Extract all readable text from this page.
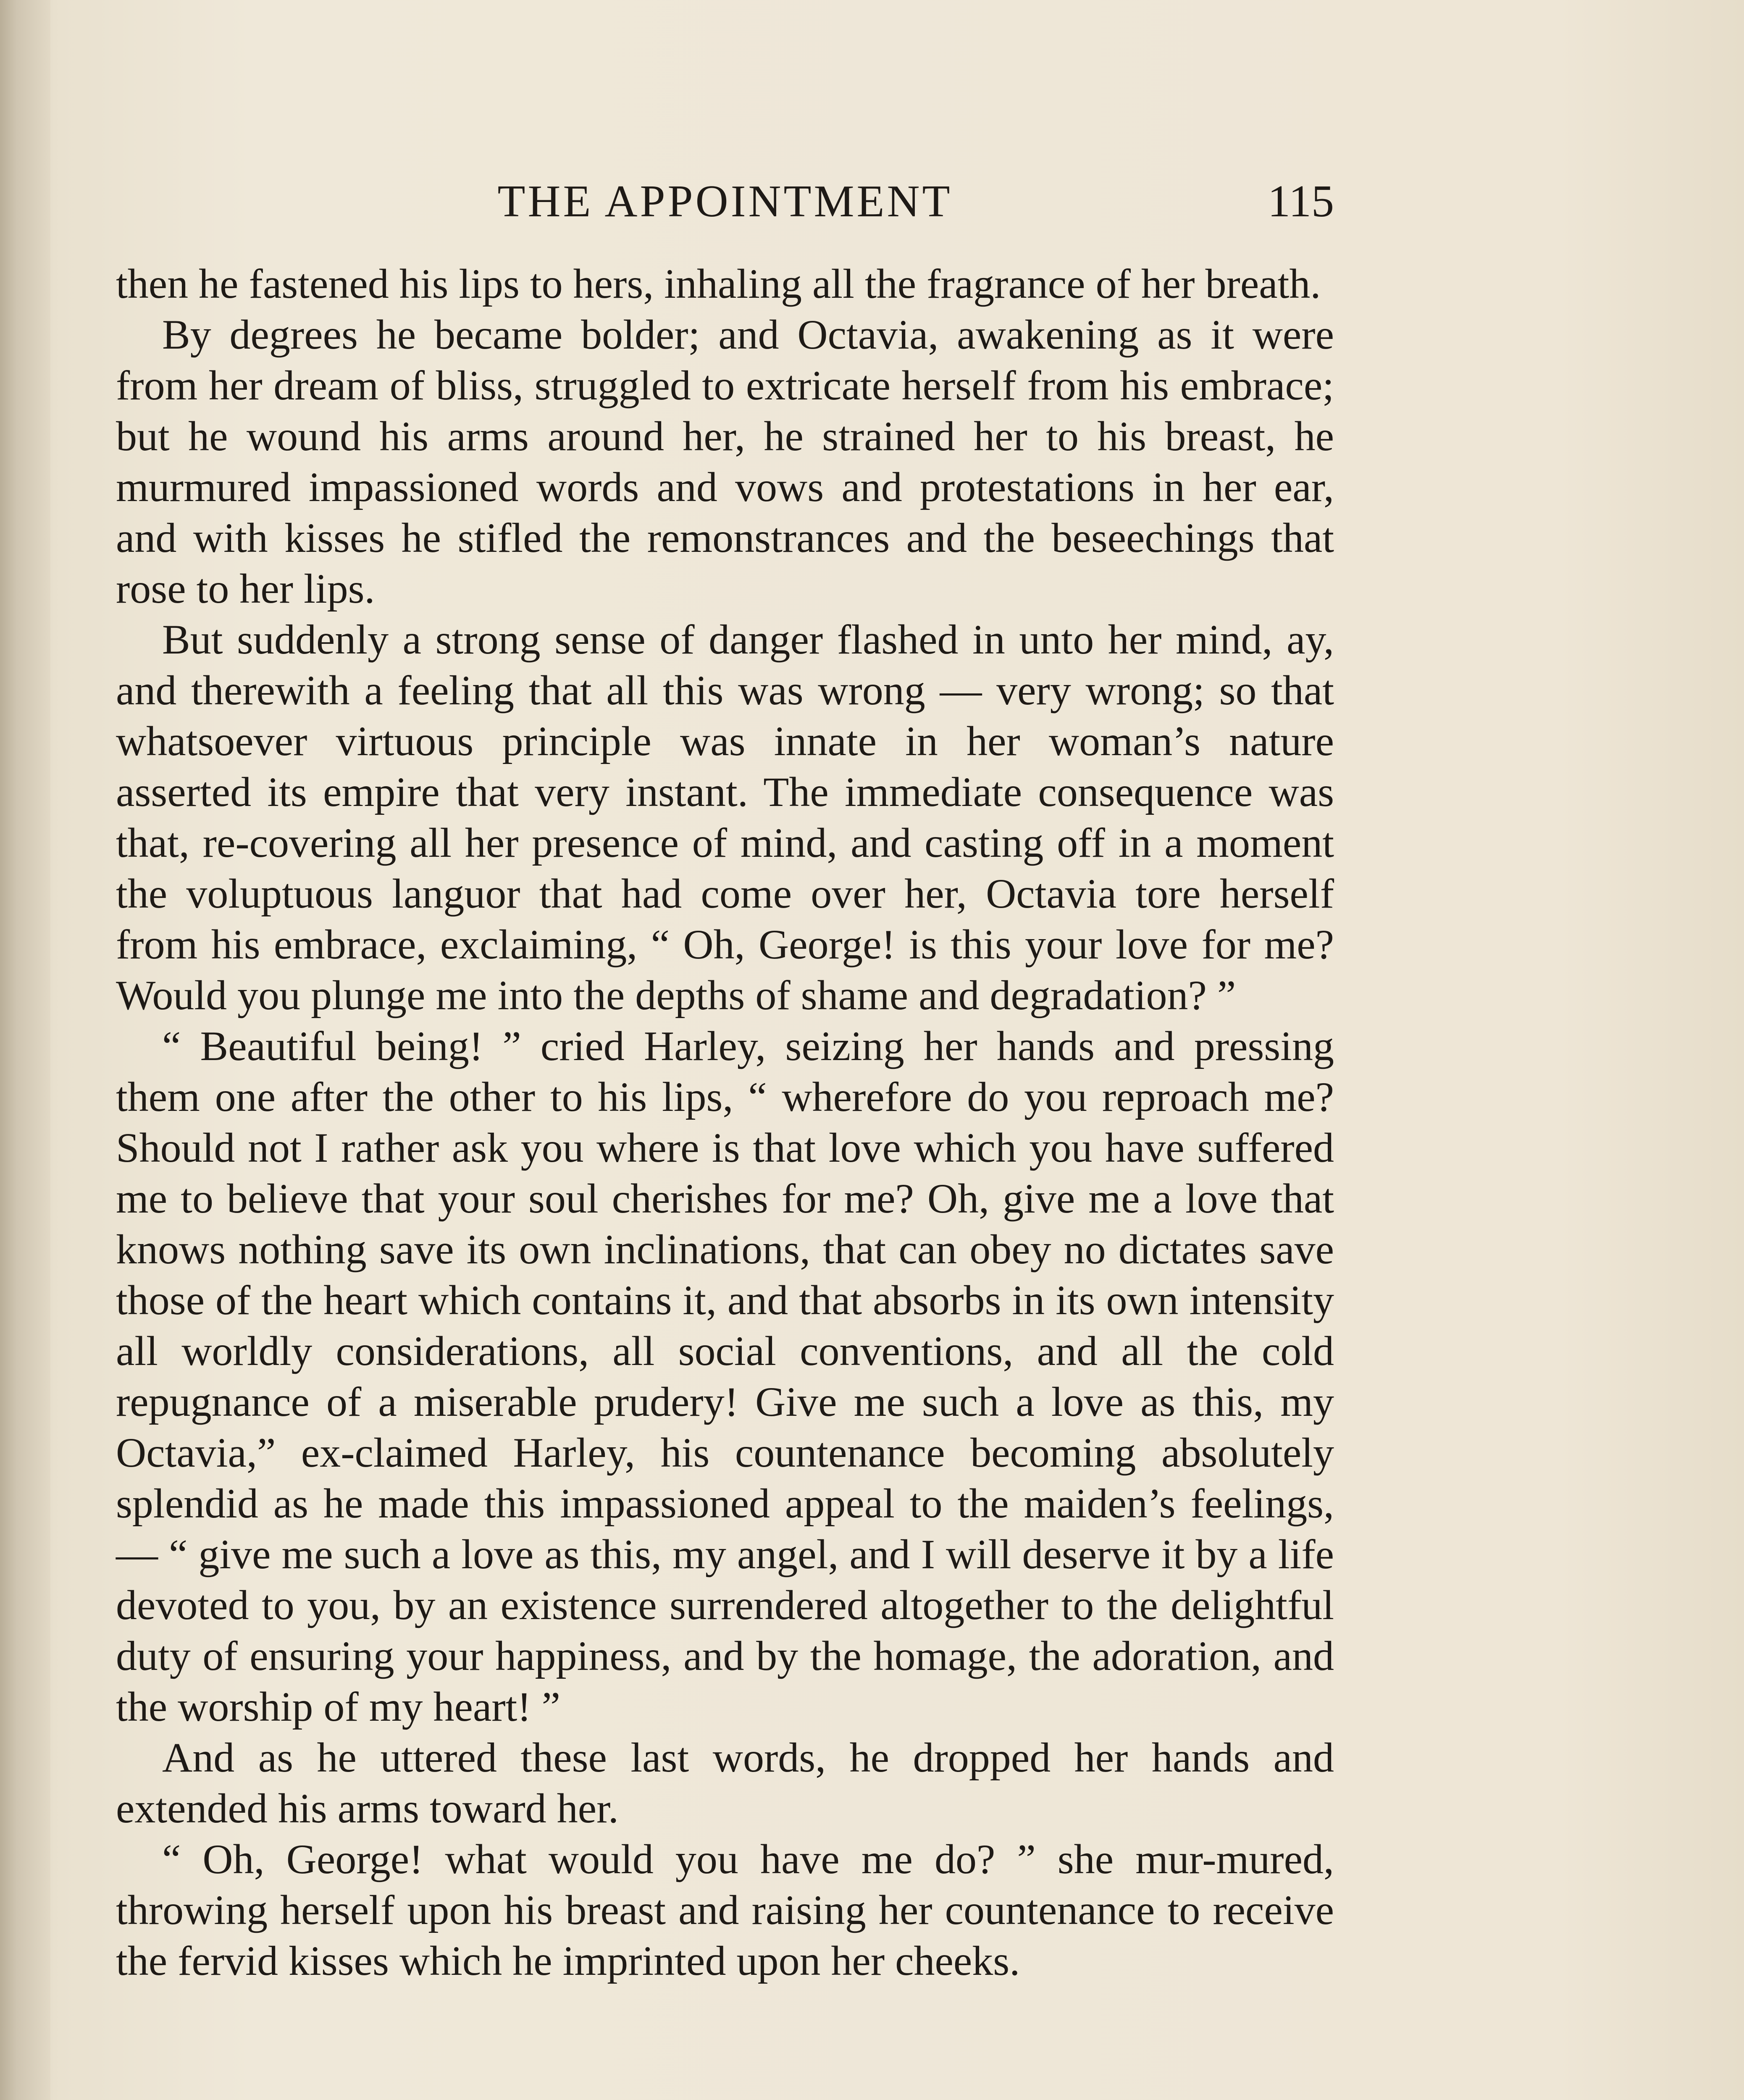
THE APPOINTMENT	115

then he fastened his lips to hers, inhaling all the fragrance of her breath.

By degrees he became bolder; and Octavia, awakening as it were from her dream of bliss, struggled to extricate herself from his embrace; but he wound his arms around her, he strained her to his breast, he murmured impassioned words and vows and protestations in her ear, and with kisses he stifled the remonstrances and the beseechings that rose to her lips.

But suddenly a strong sense of danger flashed in unto her mind, ay, and therewith a feeling that all this was wrong — very wrong; so that whatsoever virtuous principle was innate in her woman’s nature asserted its empire that very instant. The immediate consequence was that, re-covering all her presence of mind, and casting off in a moment the voluptuous languor that had come over her, Octavia tore herself from his embrace, exclaiming, “ Oh, George! is this your love for me? Would you plunge me into the depths of shame and degradation? ”

“ Beautiful being! ” cried Harley, seizing her hands and pressing them one after the other to his lips, “ wherefore do you reproach me? Should not I rather ask you where is that love which you have suffered me to believe that your soul cherishes for me? Oh, give me a love that knows nothing save its own inclinations, that can obey no dictates save those of the heart which contains it, and that absorbs in its own intensity all worldly considerations, all social conventions, and all the cold repugnance of a miserable prudery! Give me such a love as this, my Octavia,” ex-claimed Harley, his countenance becoming absolutely splendid as he made this impassioned appeal to the maiden’s feelings, — “ give me such a love as this, my angel, and I will deserve it by a life devoted to you, by an existence surrendered altogether to the delightful duty of ensuring your happiness, and by the homage, the adoration, and the worship of my heart! ”

And as he uttered these last words, he dropped her hands and extended his arms toward her.

“ Oh, George! what would you have me do? ” she mur-mured, throwing herself upon his breast and raising her countenance to receive the fervid kisses which he imprinted upon her cheeks.
